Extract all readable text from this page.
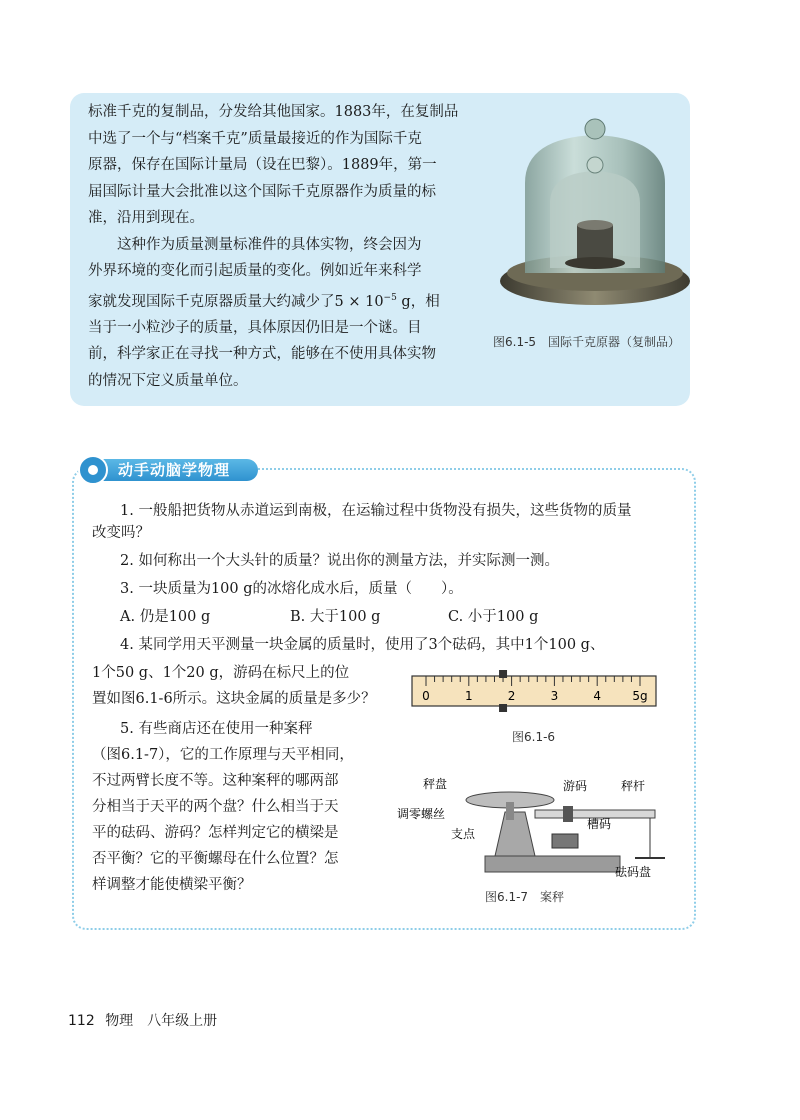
标准千克的复制品，分发给其他国家。1883年，在复制品

中选了一个与“档案千克”质量最接近的作为国际千克

原器，保存在国际计量局（设在巴黎）。1889年，第一

届国际计量大会批准以这个国际千克原器作为质量的标

准，沿用到现在。

这种作为质量测量标准件的具体实物，终会因为

外界环境的变化而引起质量的变化。例如近年来科学

家就发现国际千克原器质量大约减少了$5 \times 10^{-5}$ g，相

当于一小粒沙子的质量，具体原因仍旧是一个谜。目

前，科学家正在寻找一种方式，能够在不使用具体实物

的情况下定义质量单位。

图6.1-5　国际千克原器（复制品）
动手动脑学物理
1. 一般船把货物从赤道运到南极，在运输过程中货物没有损失，这些货物的质量
改变吗？
2. 如何称出一个大头针的质量？说出你的测量方法，并实际测一测。
3. 一块质量为100 g的冰熔化成水后，质量（　　）。
A. 仍是100 g	B. 大于100 g	C. 小于100 g
4. 某同学用天平测量一块金属的质量时，使用了3个砝码，其中1个100 g、
1个50 g、1个20 g，游码在标尺上的位
置如图6.1-6所示。这块金属的质量是多少？
5. 有些商店还在使用一种案秤
（图6.1-7），它的工作原理与天平相同，
不过两臂长度不等。这种案秤的哪两部
分相当于天平的两个盘？什么相当于天
平的砝码、游码？怎样判定它的横梁是
否平衡？它的平衡螺母在什么位置？怎
样调整才能使横梁平衡？
0	1	2	3	4	5g
图6.1-6
秤盘	游码	秤杆
调零螺丝
支点
槽码
砝码盘
图6.1-7　案秤
112 物理　八年级上册
